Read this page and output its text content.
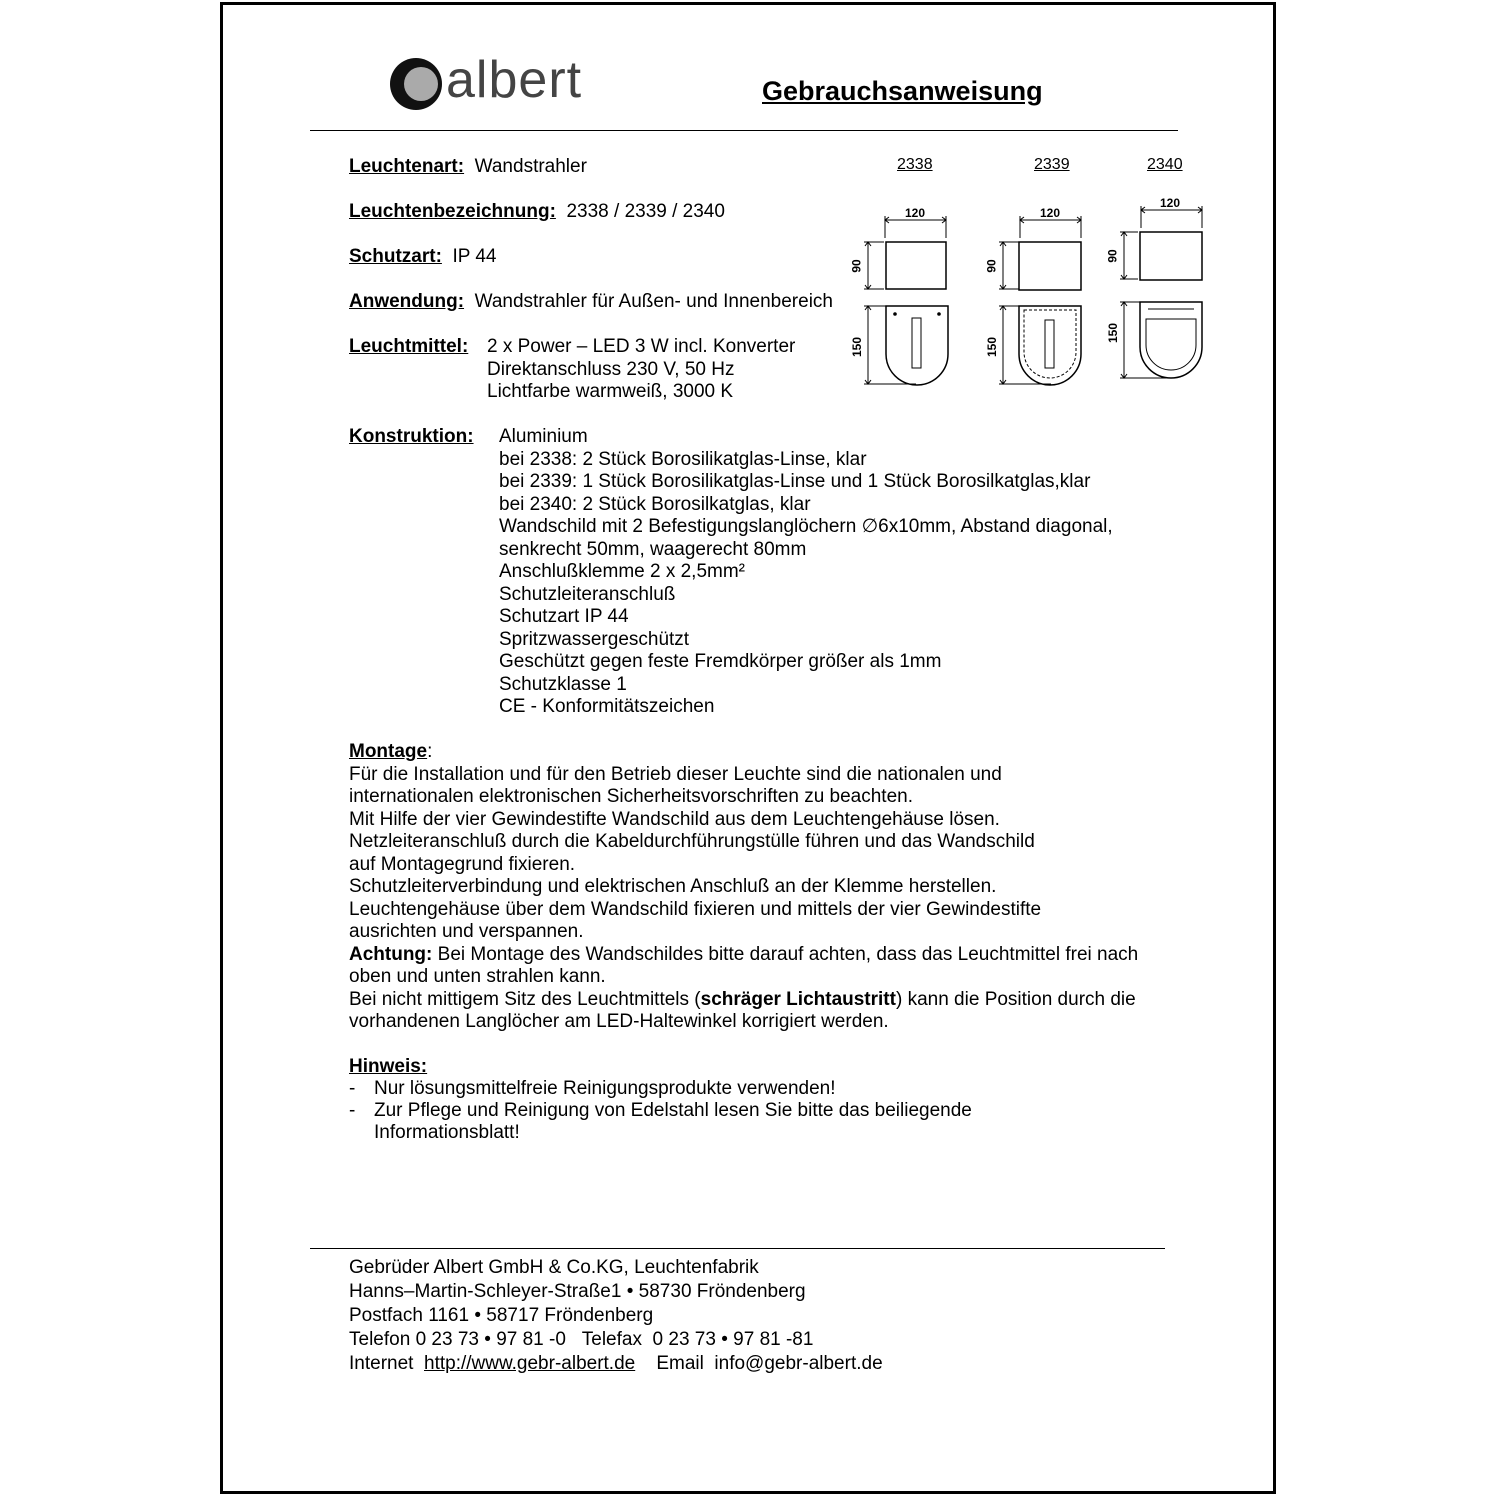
albert	Gebrauchsanweisung
Leuchtenart: Wandstrahler
Leuchtenbezeichnung: 2338 / 2339 / 2340
Schutzart: IP 44
Anwendung: Wandstrahler für Außen- und Innenbereich
Leuchtmittel: 2 x Power – LED 3 W incl. Konverter
Direktanschluss 230 V, 50 Hz
Lichtfarbe warmweiß, 3000 K
2338	2339	2340
120
90
150
120
90
150
120
90
150
Konstruktion: Aluminium
bei 2338: 2 Stück Borosilikatglas-Linse, klar
bei 2339: 1 Stück Borosilikatglas-Linse und 1 Stück Borosilkatglas,klar
bei 2340: 2 Stück Borosilkatglas, klar
Wandschild mit 2 Befestigungslanglöchern ∅6x10mm, Abstand diagonal,
senkrecht 50mm, waagerecht 80mm
Anschlußklemme 2 x 2,5mm²
Schutzleiteranschluß
Schutzart IP 44
Spritzwassergeschützt
Geschützt gegen feste Fremdkörper größer als 1mm
Schutzklasse 1
CE - Konformitätszeichen
Montage:
Für die Installation und für den Betrieb dieser Leuchte sind die nationalen und
internationalen elektronischen Sicherheitsvorschriften zu beachten.
Mit Hilfe der vier Gewindestifte Wandschild aus dem Leuchtengehäuse lösen.
Netzleiteranschluß durch die Kabeldurchführungstülle führen und das Wandschild
auf Montagegrund fixieren.
Schutzleiterverbindung und elektrischen Anschluß an der Klemme herstellen.
Leuchtengehäuse über dem Wandschild fixieren und mittels der vier Gewindestifte
ausrichten und verspannen.
Achtung: Bei Montage des Wandschildes bitte darauf achten, dass das Leuchtmittel frei nach
oben und unten strahlen kann.
Bei nicht mittigem Sitz des Leuchtmittels (schräger Lichtaustritt) kann die Position durch die
vorhandenen Langlöcher am LED-Haltewinkel korrigiert werden.
Hinweis:
- Nur lösungsmittelfreie Reinigungsprodukte verwenden!
- Zur Pflege und Reinigung von Edelstahl lesen Sie bitte das beiliegende
Informationsblatt!
Gebrüder Albert GmbH & Co.KG, Leuchtenfabrik
Hanns–Martin-Schleyer-Straße1 • 58730 Fröndenberg
Postfach 1161 • 58717 Fröndenberg
Telefon 0 23 73 • 97 81 -0 Telefax 0 23 73 • 97 81 -81
Internet http://www.gebr-albert.de Email info@gebr-albert.de
